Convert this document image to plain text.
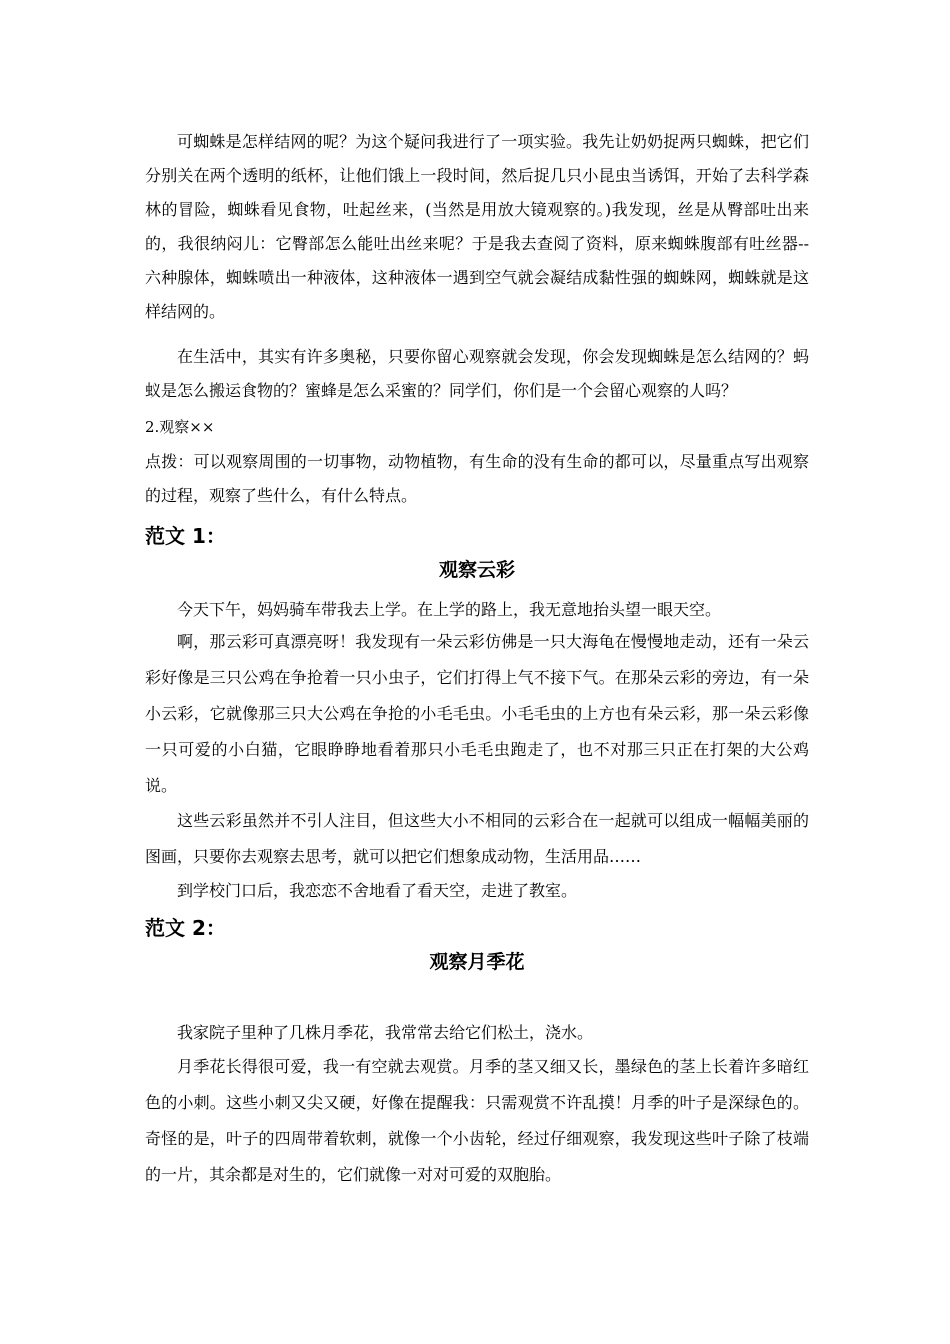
可蜘蛛是怎样结网的呢？为这个疑问我进行了一项实验。我先让奶奶捉两只蜘蛛，把它们分别关在两个透明的纸杯，让他们饿上一段时间，然后捉几只小昆虫当诱饵，开始了去科学森林的冒险，蜘蛛看见食物，吐起丝来，(当然是用放大镜观察的。)我发现，丝是从臀部吐出来的，我很纳闷儿：它臀部怎么能吐出丝来呢？于是我去查阅了资料，原来蜘蛛腹部有吐丝器--六种腺体，蜘蛛喷出一种液体，这种液体一遇到空气就会凝结成黏性强的蜘蛛网，蜘蛛就是这样结网的。

在生活中，其实有许多奥秘，只要你留心观察就会发现，你会发现蜘蛛是怎么结网的？蚂蚁是怎么搬运食物的？蜜蜂是怎么采蜜的？同学们，你们是一个会留心观察的人吗？

2.观察××

点拨：可以观察周围的一切事物，动物植物，有生命的没有生命的都可以，尽量重点写出观察的过程，观察了些什么，有什么特点。

范文 1：
观察云彩

今天下午，妈妈骑车带我去上学。在上学的路上，我无意地抬头望一眼天空。

啊，那云彩可真漂亮呀！我发现有一朵云彩仿佛是一只大海龟在慢慢地走动，还有一朵云彩好像是三只公鸡在争抢着一只小虫子，它们打得上气不接下气。在那朵云彩的旁边，有一朵小云彩，它就像那三只大公鸡在争抢的小毛毛虫。小毛毛虫的上方也有朵云彩，那一朵云彩像一只可爱的小白猫，它眼睁睁地看着那只小毛毛虫跑走了，也不对那三只正在打架的大公鸡说。

这些云彩虽然并不引人注目，但这些大小不相同的云彩合在一起就可以组成一幅幅美丽的图画，只要你去观察去思考，就可以把它们想象成动物，生活用品……

到学校门口后，我恋恋不舍地看了看天空，走进了教室。

范文 2：
观察月季花

我家院子里种了几株月季花，我常常去给它们松土，浇水。

月季花长得很可爱，我一有空就去观赏。月季的茎又细又长，墨绿色的茎上长着许多暗红色的小刺。这些小刺又尖又硬，好像在提醒我：只需观赏不许乱摸！月季的叶子是深绿色的。奇怪的是，叶子的四周带着软刺，就像一个小齿轮，经过仔细观察，我发现这些叶子除了枝端的一片，其余都是对生的，它们就像一对对可爱的双胞胎。
